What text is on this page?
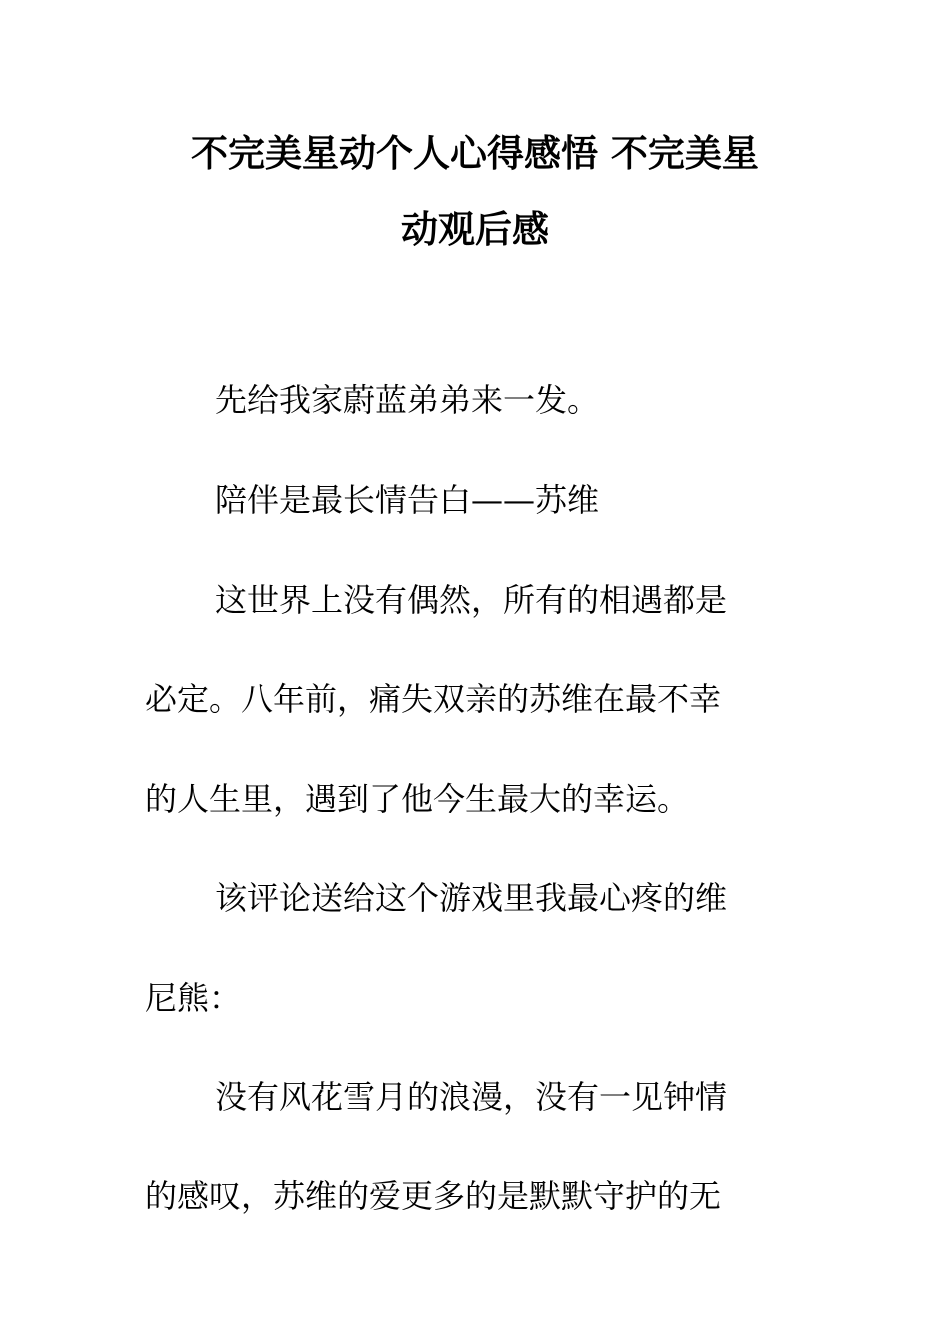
不完美星动个人心得感悟 不完美星
动观后感
先给我家蔚蓝弟弟来一发。
陪伴是最长情告白——苏维
这世界上没有偶然，所有的相遇都是
必定。八年前，痛失双亲的苏维在最不幸
的人生里，遇到了他今生最大的幸运。
该评论送给这个游戏里我最心疼的维
尼熊：
没有风花雪月的浪漫，没有一见钟情
的感叹，苏维的爱更多的是默默守护的无
